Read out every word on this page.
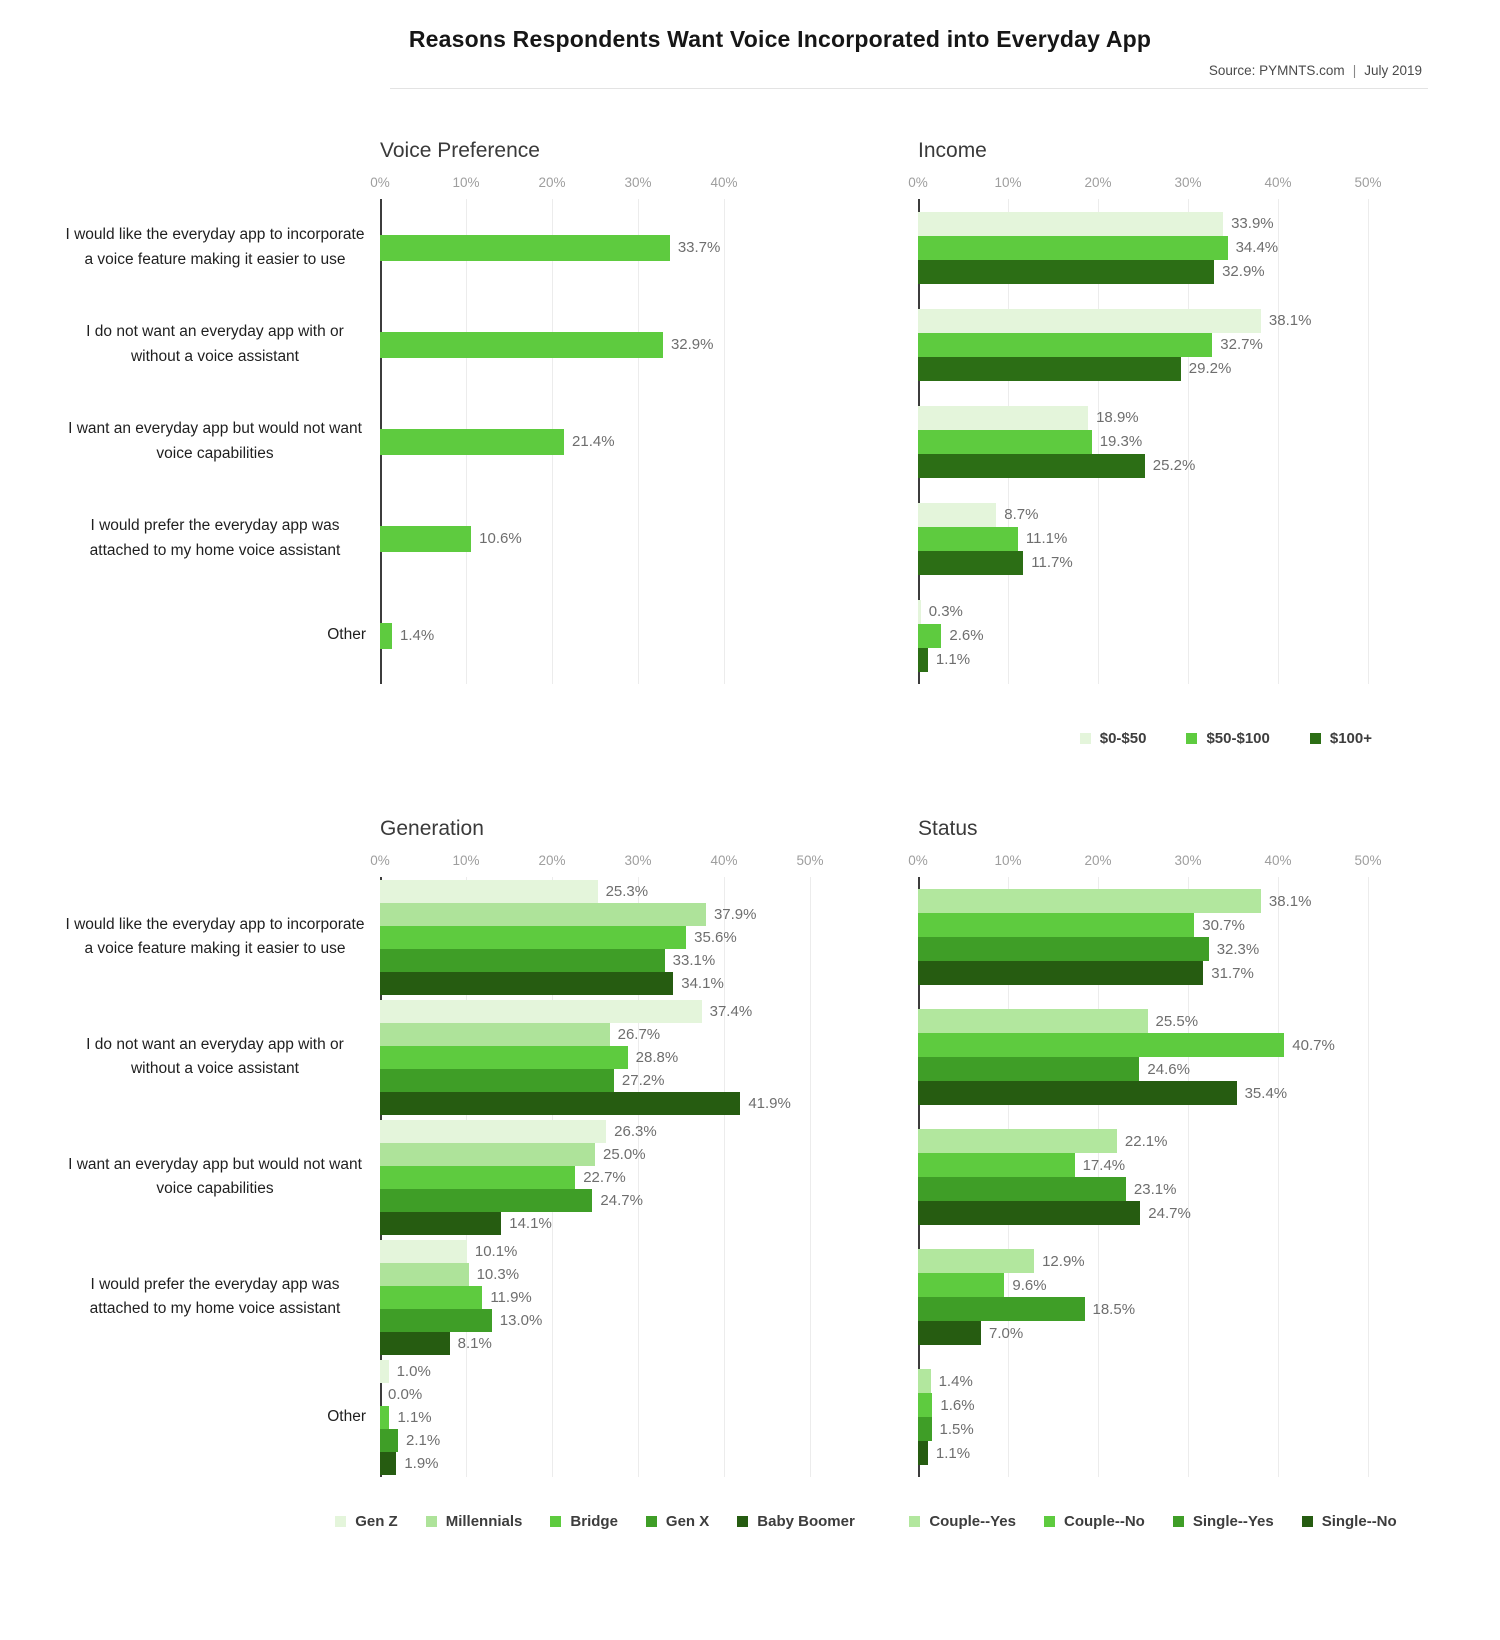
Reasons Respondents Want Voice Incorporated into Everyday App
Source: PYMNTS.com | July 2019
I would like the everyday app to incorporate a voice feature making it easier to use
I do not want an everyday app with or without a voice assistant
I want an everyday app but would not want voice capabilities
I would prefer the everyday app was attached to my home voice assistant
Other
Voice Preference
0%	10%	20%	30%	40%
33.7%
32.9%
21.4%
10.6%
1.4%
Income
0%	10%	20%	30%	40%	50%
33.9%
34.4%
32.9%
38.1%
32.7%
29.2%
18.9%
19.3%
25.2%
8.7%
11.1%
11.7%
0.3%
2.6%
1.1%
$0-$50	$50-$100	$100+
I would like the everyday app to incorporate a voice feature making it easier to use
I do not want an everyday app with or without a voice assistant
I want an everyday app but would not want voice capabilities
I would prefer the everyday app was attached to my home voice assistant
Other
Generation
0%	10%	20%	30%	40%	50%
25.3%
37.9%
35.6%
33.1%
34.1%
37.4%
26.7%
28.8%
27.2%
41.9%
26.3%
25.0%
22.7%
24.7%
14.1%
10.1%
10.3%
11.9%
13.0%
8.1%
1.0%
0.0%
1.1%
2.1%
1.9%
Status
0%	10%	20%	30%	40%	50%
38.1%
30.7%
32.3%
31.7%
25.5%
40.7%
24.6%
35.4%
22.1%
17.4%
23.1%
24.7%
12.9%
9.6%
18.5%
7.0%
1.4%
1.6%
1.5%
1.1%
Gen Z	Millennials	Bridge	Gen X	Baby Boomer	Couple--Yes	Couple--No	Single--Yes	Single--No
